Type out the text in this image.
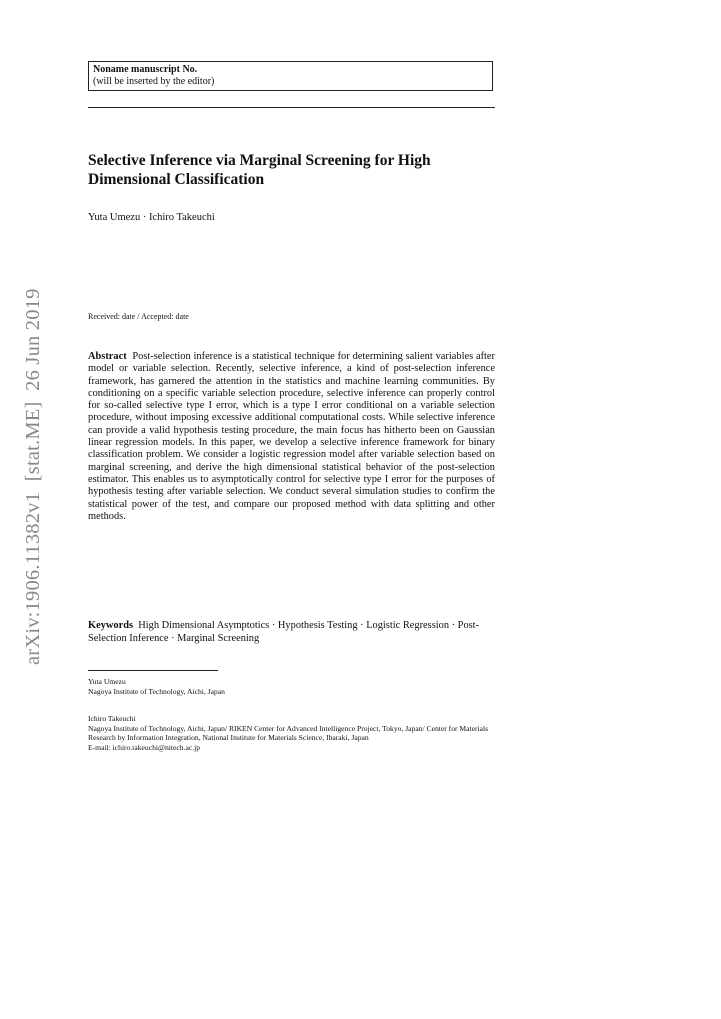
Noname manuscript No.
(will be inserted by the editor)
Selective Inference via Marginal Screening for High Dimensional Classification
Yuta Umezu · Ichiro Takeuchi
Received: date / Accepted: date

Abstract Post-selection inference is a statistical technique for determining salient variables after model or variable selection. Recently, selective inference, a kind of post-selection inference framework, has garnered the attention in the statistics and machine learning communities. By conditioning on a specific variable selection procedure, selective inference can properly control for so-called selective type I error, which is a type I error conditional on a variable selection procedure, without imposing excessive additional computational costs. While selective inference can provide a valid hypothesis testing procedure, the main focus has hitherto been on Gaussian linear regression models. In this paper, we develop a selective inference framework for binary classification problem. We consider a logistic regression model after variable selection based on marginal screening, and derive the high dimensional statistical behavior of the post-selection estimator. This enables us to asymptotically control for selective type I error for the purposes of hypothesis testing after variable selection. We conduct several simulation studies to confirm the statistical power of the test, and compare our proposed method with data splitting and other methods.

Keywords High Dimensional Asymptotics · Hypothesis Testing · Logistic Regression · Post-Selection Inference · Marginal Screening

Yuta Umezu
Nagoya Institute of Technology, Aichi, Japan
Ichiro Takeuchi
Nagoya Institute of Technology, Aichi, Japan/ RIKEN Center for Advanced Intelligence Project, Tokyo, Japan/ Center for Materials Research by Information Integration, National Institute for Materials Science, Ibaraki, Japan
E-mail: ichiro.takeuchi@nitech.ac.jp
arXiv:1906.11382v1  [stat.ME]  26 Jun 2019
